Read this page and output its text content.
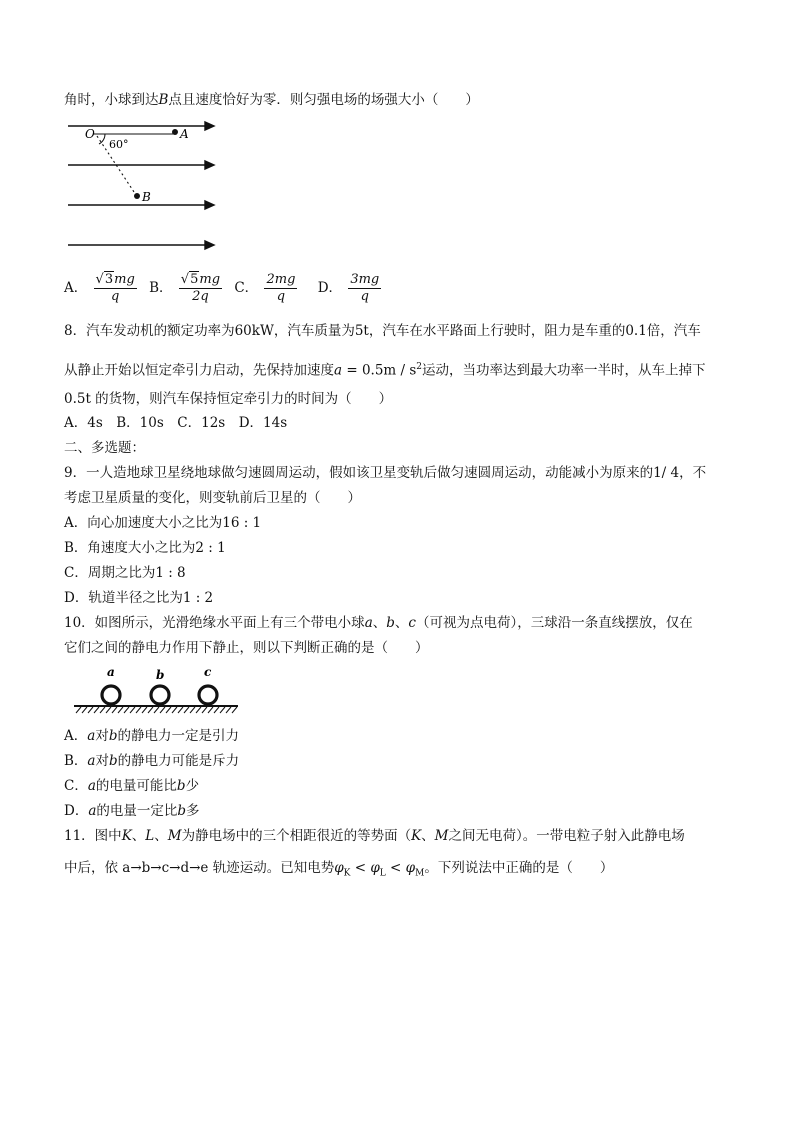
角时，小球到达B点且速度恰好为零．则匀强电场的场强大小（　　）
O
60°
A
B
A． $\frac{√3mg}{q}$ B． $\frac{√5mg}{2q}$ C． $\frac{2mg}{q}$ D． $\frac{3mg}{q}$
8．汽车发动机的额定功率为60kW，汽车质量为5t，汽车在水平路面上行驶时，阻力是车重的0.1倍，汽车
从静止开始以恒定牵引力启动，先保持加速度$a = 0.5m / s^2$运动，当功率达到最大功率一半时，从车上掉下
0.5t 的货物，则汽车保持恒定牵引力的时间为（　　）
A．4s　B．10s　C．12s　D．14s
二、多选题：
9．一人造地球卫星绕地球做匀速圆周运动，假如该卫星变轨后做匀速圆周运动，动能减小为原来的1/ 4，不
考虑卫星质量的变化，则变轨前后卫星的（　　）
A．向心加速度大小之比为16 : 1
B．角速度大小之比为2 : 1
C．周期之比为1 : 8
D．轨道半径之比为1 : 2
10．如图所示，光滑绝缘水平面上有三个带电小球a、b、c（可视为点电荷），三球沿一条直线摆放，仅在
它们之间的静电力作用下静止，则以下判断正确的是（　　）
a	b	c
A．a对b的静电力一定是引力
B．a对b的静电力可能是斥力
C．a的电量可能比b少
D．a的电量一定比b多
11．图中K、L、M为静电场中的三个相距很近的等势面（K、M之间无电荷）。一带电粒子射入此静电场
中后，依 a→b→c→d→e 轨迹运动。已知电势$\varphi_K < \varphi_L < \varphi_M$。下列说法中正确的是（　　）
